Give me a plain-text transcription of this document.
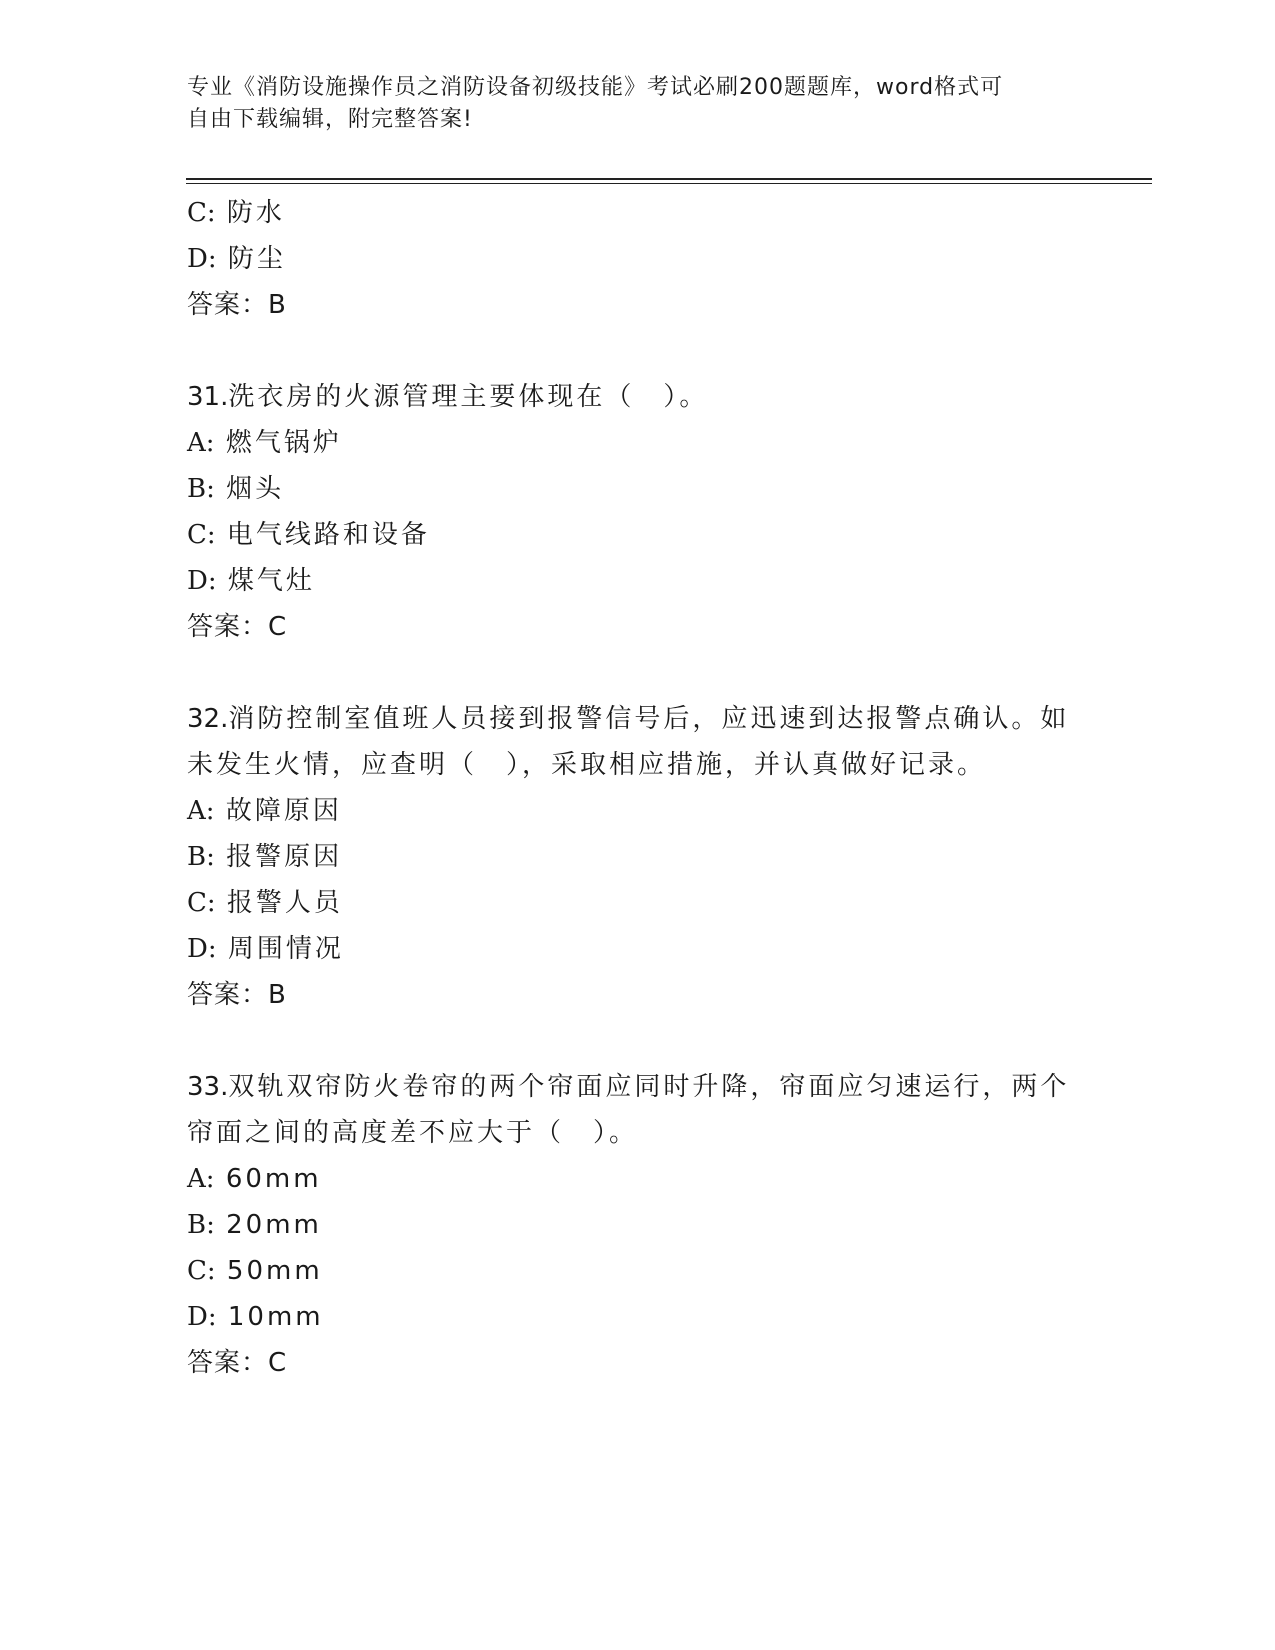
专业《消防设施操作员之消防设备初级技能》考试必刷200题题库，word格式可
自由下载编辑，附完整答案!
C: 防水
D: 防尘
答案：B
31.洗衣房的火源管理主要体现在（　）。
A: 燃气锅炉
B: 烟头
C: 电气线路和设备
D: 煤气灶
答案：C
32.消防控制室值班人员接到报警信号后，应迅速到达报警点确认。如
未发生火情，应查明（　），采取相应措施，并认真做好记录。
A: 故障原因
B: 报警原因
C: 报警人员
D: 周围情况
答案：B
33.双轨双帘防火卷帘的两个帘面应同时升降，帘面应匀速运行，两个
帘面之间的高度差不应大于（　）。
A: 60mm
B: 20mm
C: 50mm
D: 10mm
答案：C
